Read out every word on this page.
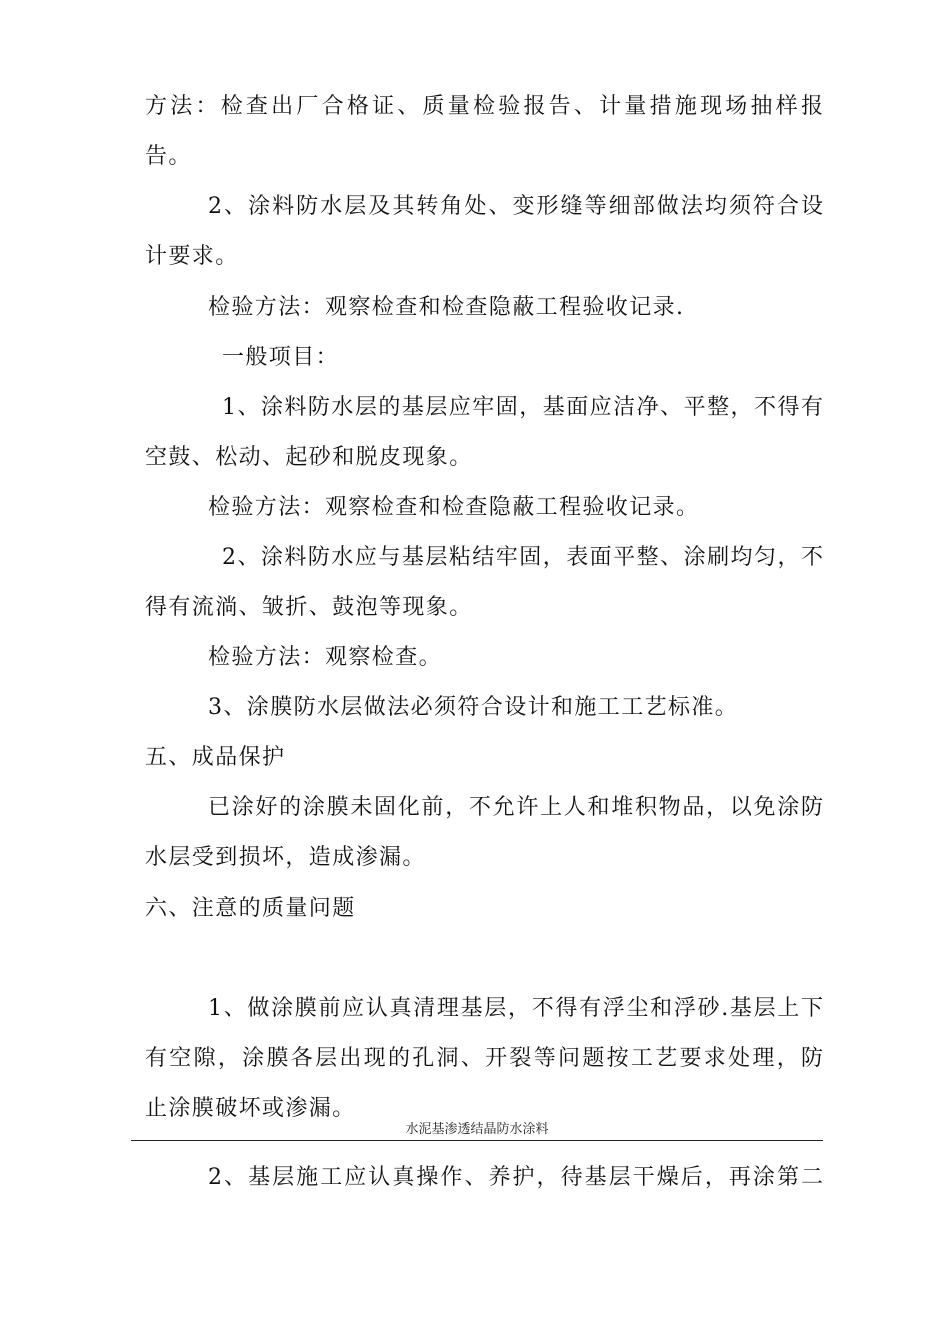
方法：检查出厂合格证、质量检验报告、计量措施现场抽样报
告。
2、涂料防水层及其转角处、变形缝等细部做法均须符合设
计要求。
检验方法：观察检查和检查隐蔽工程验收记录.
一般项目：
1、涂料防水层的基层应牢固，基面应洁净、平整，不得有
空鼓、松动、起砂和脱皮现象。
检验方法：观察检查和检查隐蔽工程验收记录。
2、涂料防水应与基层粘结牢固，表面平整、涂刷均匀，不
得有流淌、皱折、鼓泡等现象。
检验方法：观察检查。
3、涂膜防水层做法必须符合设计和施工工艺标准。
五、成品保护
已涂好的涂膜未固化前，不允许上人和堆积物品，以免涂防
水层受到损坏，造成渗漏。
六、注意的质量问题
1、做涂膜前应认真清理基层，不得有浮尘和浮砂.基层上下
有空隙，涂膜各层出现的孔洞、开裂等问题按工艺要求处理，防
止涂膜破坏或渗漏。
水泥基渗透结晶防水涂料
2、基层施工应认真操作、养护，待基层干燥后，再涂第二
